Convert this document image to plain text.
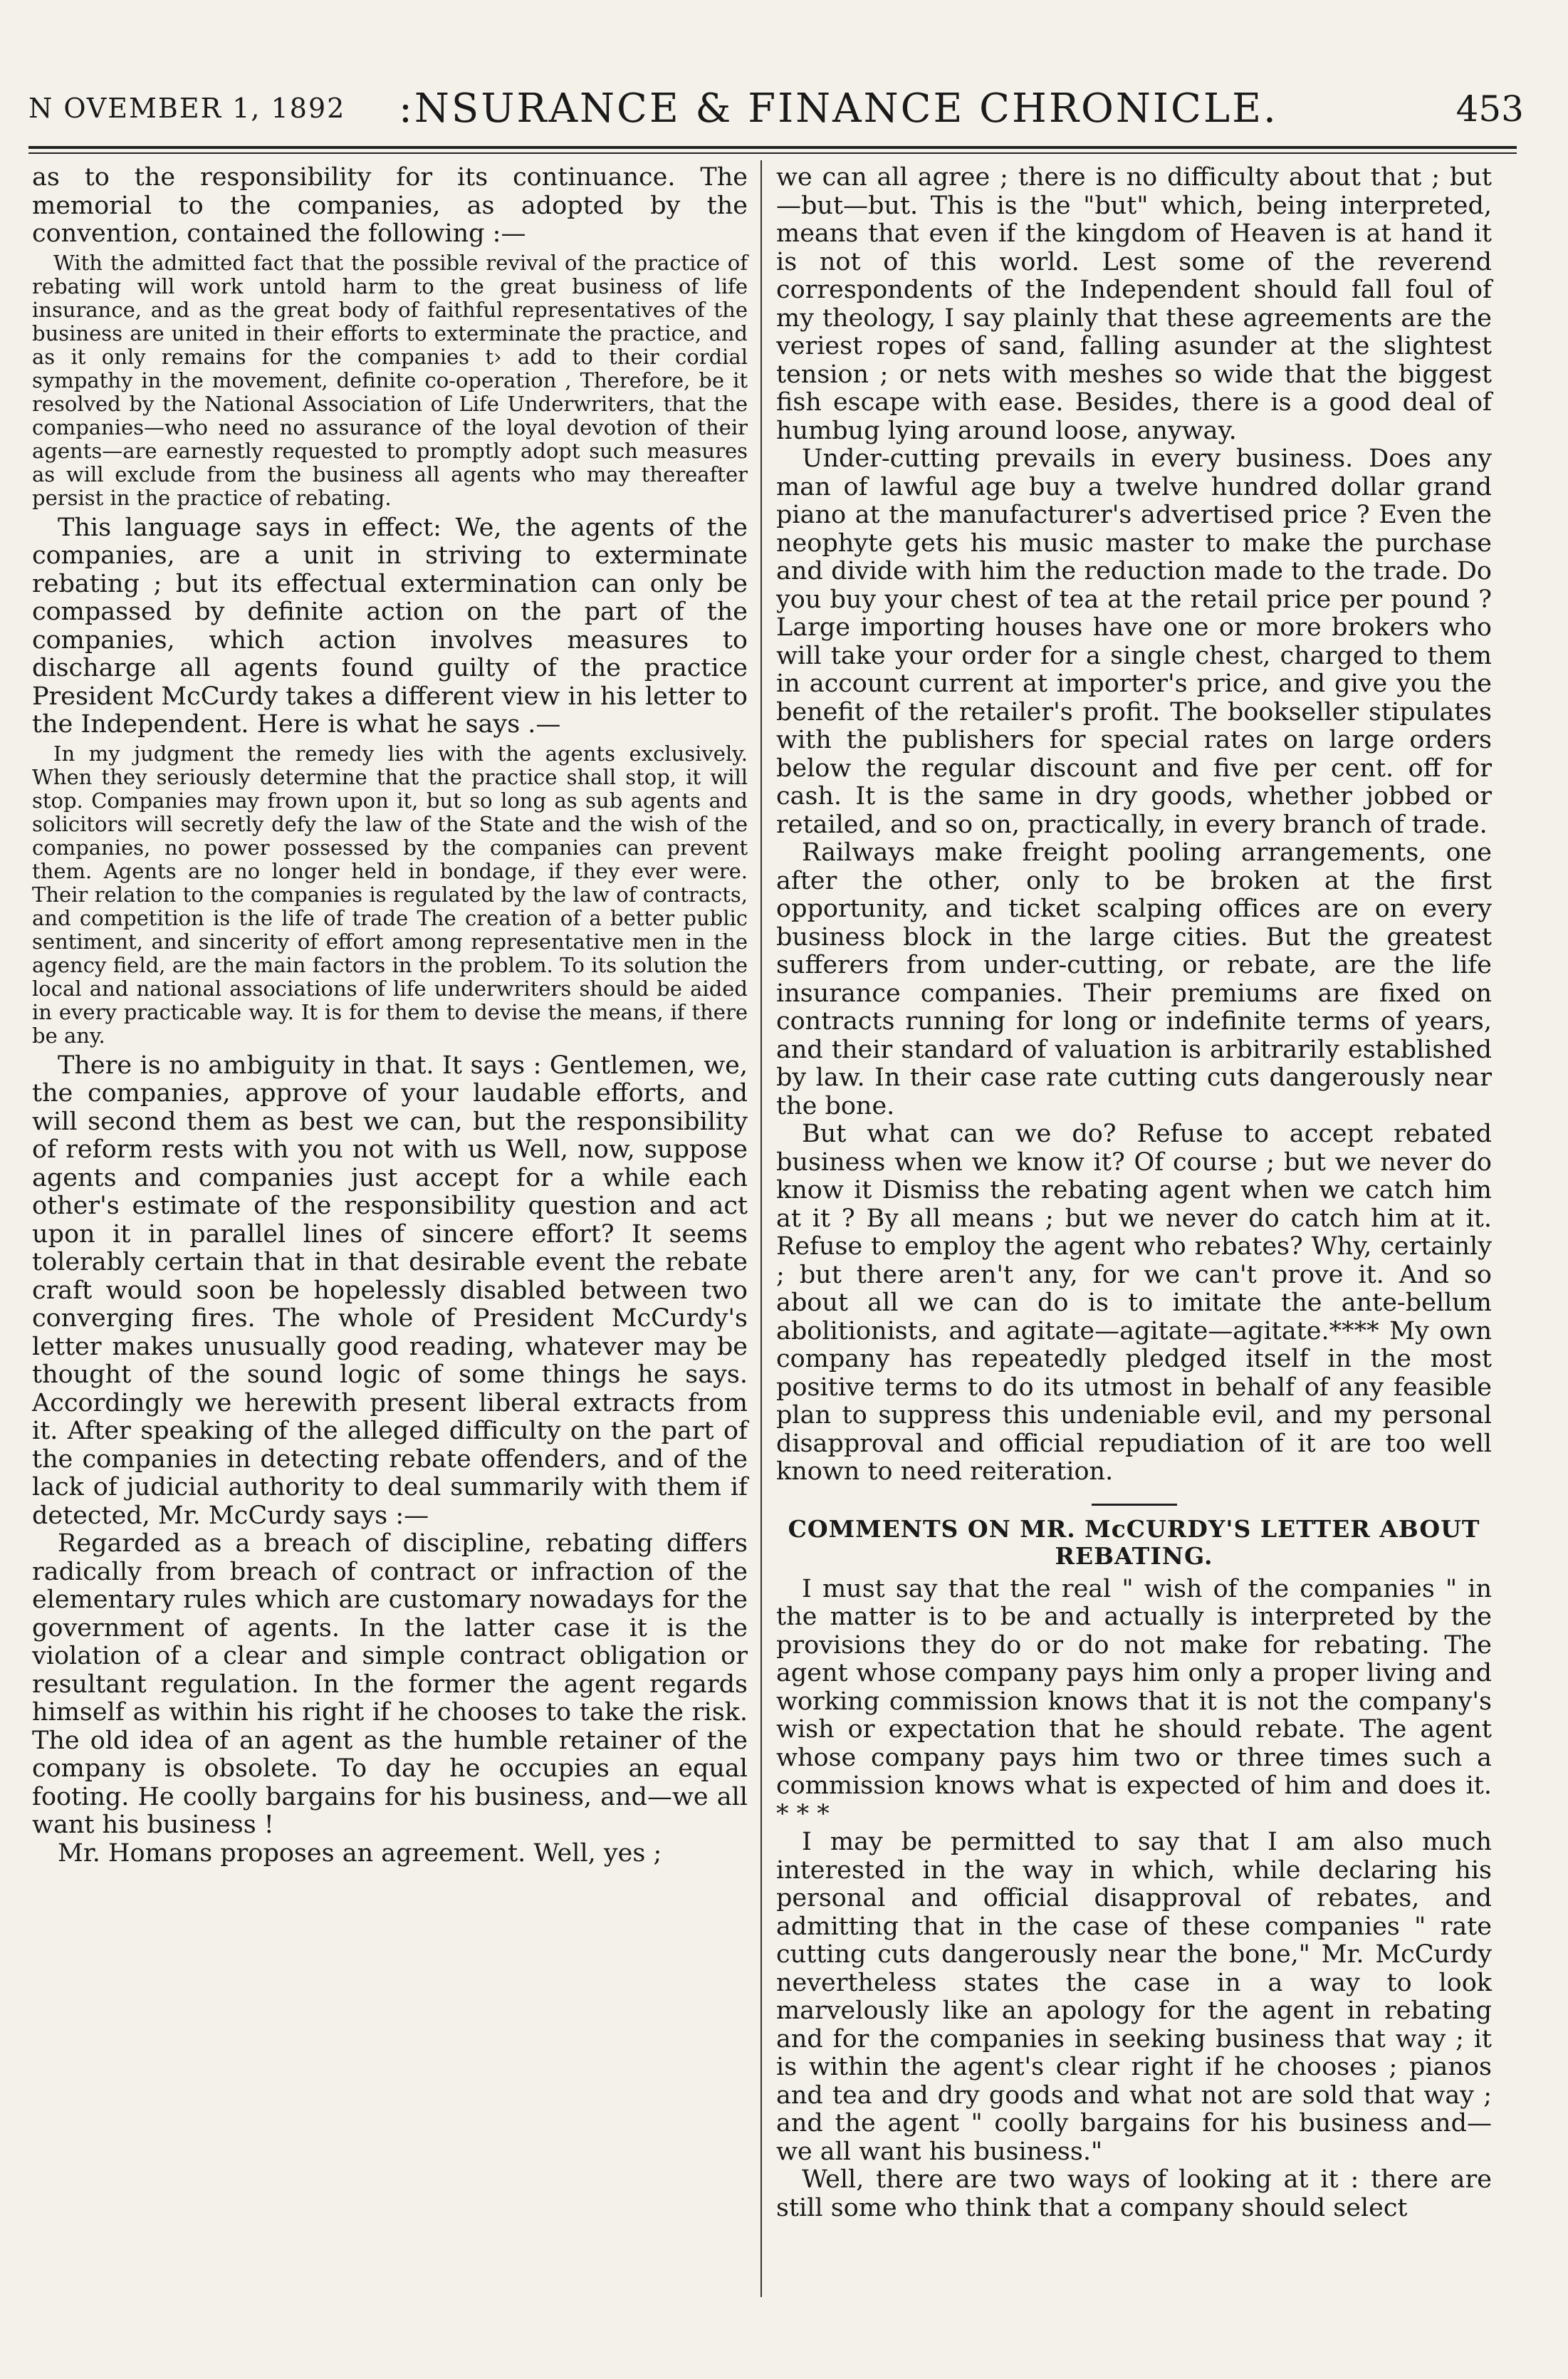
N OVEMBER 1, 1892 :NSURANCE & FINANCE CHRONICLE.	453

as to the responsibility for its continuance. The memorial to the companies, as adopted by the convention, contained the following :—

With the admitted fact that the possible revival of the practice of rebating will work untold harm to the great business of life insurance, and as the great body of faithful representatives of the business are united in their efforts to exterminate the practice, and as it only remains for the companies t› add to their cordial sympathy in the movement, definite co-operation , Therefore, be it resolved by the National Association of Life Underwriters, that the companies—who need no assurance of the loyal devotion of their agents—are earnestly requested to promptly adopt such measures as will exclude from the business all agents who may thereafter persist in the practice of rebating.

This language says in effect: We, the agents of the companies, are a unit in striving to exterminate rebating ; but its effectual extermination can only be compassed by definite action on the part of the companies, which action involves measures to discharge all agents found guilty of the practice President McCurdy takes a different view in his letter to the Independent. Here is what he says .—

In my judgment the remedy lies with the agents exclusively. When they seriously determine that the practice shall stop, it will stop. Companies may frown upon it, but so long as sub agents and solicitors will secretly defy the law of the State and the wish of the companies, no power possessed by the companies can prevent them. Agents are no longer held in bondage, if they ever were. Their relation to the companies is regulated by the law of contracts, and competition is the life of trade The creation of a better public sentiment, and sincerity of effort among representative men in the agency field, are the main factors in the problem. To its solution the local and national associations of life underwriters should be aided in every practicable way. It is for them to devise the means, if there be any.

There is no ambiguity in that. It says : Gentlemen, we, the companies, approve of your laudable efforts, and will second them as best we can, but the responsibility of reform rests with you not with us Well, now, suppose agents and companies just accept for a while each other's estimate of the responsibility question and act upon it in parallel lines of sincere effort? It seems tolerably certain that in that desirable event the rebate craft would soon be hopelessly disabled between two converging fires. The whole of President McCurdy's letter makes unusually good reading, whatever may be thought of the sound logic of some things he says. Accordingly we herewith present liberal extracts from it. After speaking of the alleged difficulty on the part of the companies in detecting rebate offenders, and of the lack of judicial authority to deal summarily with them if detected, Mr. McCurdy says :—

Regarded as a breach of discipline, rebating differs radically from breach of contract or infraction of the elementary rules which are customary nowadays for the government of agents. In the latter case it is the violation of a clear and simple contract obligation or resultant regulation. In the former the agent regards himself as within his right if he chooses to take the risk. The old idea of an agent as the humble retainer of the company is obsolete. To day he occupies an equal footing. He coolly bargains for his business, and—we all want his business !

Mr. Homans proposes an agreement. Well, yes ;

we can all agree ; there is no difficulty about that ; but—but—but. This is the "but" which, being interpreted, means that even if the kingdom of Heaven is at hand it is not of this world. Lest some of the reverend correspondents of the Independent should fall foul of my theology, I say plainly that these agreements are the veriest ropes of sand, falling asunder at the slightest tension ; or nets with meshes so wide that the biggest fish escape with ease. Besides, there is a good deal of humbug lying around loose, anyway.

Under-cutting prevails in every business. Does any man of lawful age buy a twelve hundred dollar grand piano at the manufacturer's advertised price ? Even the neophyte gets his music master to make the purchase and divide with him the reduction made to the trade. Do you buy your chest of tea at the retail price per pound ? Large importing houses have one or more brokers who will take your order for a single chest, charged to them in account current at importer's price, and give you the benefit of the retailer's profit. The bookseller stipulates with the publishers for special rates on large orders below the regular discount and five per cent. off for cash. It is the same in dry goods, whether jobbed or retailed, and so on, practically, in every branch of trade.

Railways make freight pooling arrangements, one after the other, only to be broken at the first opportunity, and ticket scalping offices are on every business block in the large cities. But the greatest sufferers from under-cutting, or rebate, are the life insurance companies. Their premiums are fixed on contracts running for long or indefinite terms of years, and their standard of valuation is arbitrarily established by law. In their case rate cutting cuts dangerously near the bone.

But what can we do? Refuse to accept rebated business when we know it? Of course ; but we never do know it Dismiss the rebating agent when we catch him at it ? By all means ; but we never do catch him at it. Refuse to employ the agent who rebates? Why, certainly ; but there aren't any, for we can't prove it. And so about all we can do is to imitate the ante-bellum abolitionists, and agitate—agitate—agitate.**** My own company has repeatedly pledged itself in the most positive terms to do its utmost in behalf of any feasible plan to suppress this undeniable evil, and my personal disapproval and official repudiation of it are too well known to need reiteration.

COMMENTS ON MR. McCURDY'S LETTER ABOUT REBATING.

I must say that the real " wish of the companies " in the matter is to be and actually is interpreted by the provisions they do or do not make for rebating. The agent whose company pays him only a proper living and working commission knows that it is not the company's wish or expectation that he should rebate. The agent whose company pays him two or three times such a commission knows what is expected of him and does it. * * *

I may be permitted to say that I am also much interested in the way in which, while declaring his personal and official disapproval of rebates, and admitting that in the case of these companies " rate cutting cuts dangerously near the bone," Mr. McCurdy nevertheless states the case in a way to look marvelously like an apology for the agent in rebating and for the companies in seeking business that way ; it is within the agent's clear right if he chooses ; pianos and tea and dry goods and what not are sold that way ; and the agent " coolly bargains for his business and—we all want his business."

Well, there are two ways of looking at it : there are still some who think that a company should select
